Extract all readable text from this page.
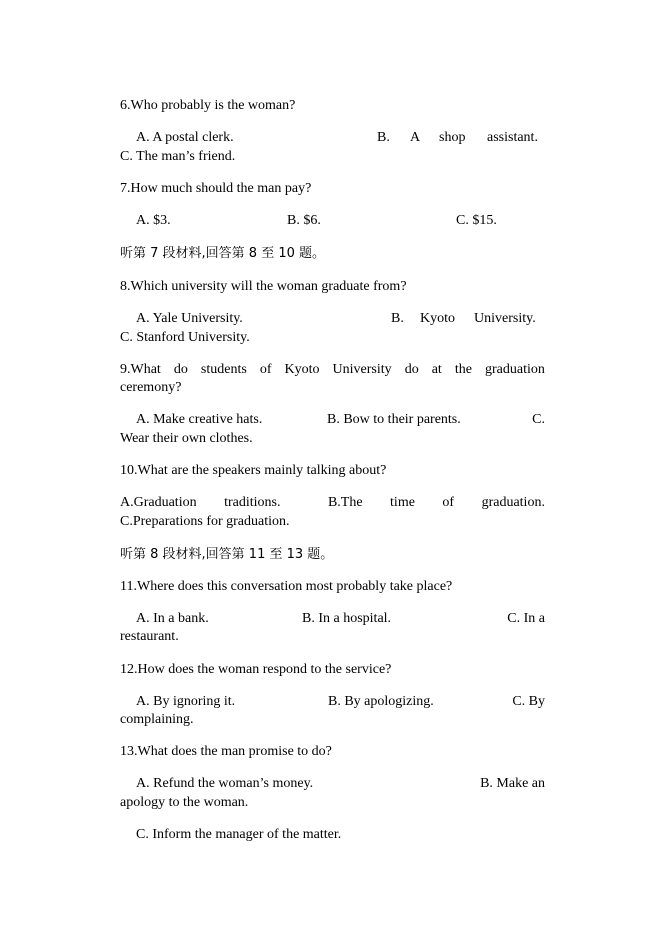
6.Who probably is the woman?
A. A postal clerk.	B. A shop assistant.
C. The man’s friend.
7.How much should the man pay?
A. $3.	B. $6.	C. $15.
听第 7 段材料,回答第 8 至 10 题。
8.Which university will the woman graduate from?
A. Yale University.	B. Kyoto University.
C. Stanford University.
9.What do students of Kyoto University do at the graduation
ceremony?
A. Make creative hats.	B. Bow to their parents.	C.
Wear their own clothes.
10.What are the speakers mainly talking about?
A.Graduation traditions.	B.The time of graduation.
C.Preparations for graduation.
听第 8 段材料,回答第 11 至 13 题。
11.Where does this conversation most probably take place?
A. In a bank.	B. In a hospital.	C. In a
restaurant.
12.How does the woman respond to the service?
A. By ignoring it.	B. By apologizing.	C. By
complaining.
13.What does the man promise to do?
A. Refund the woman’s money.	B. Make an
apology to the woman.
C. Inform the manager of the matter.
